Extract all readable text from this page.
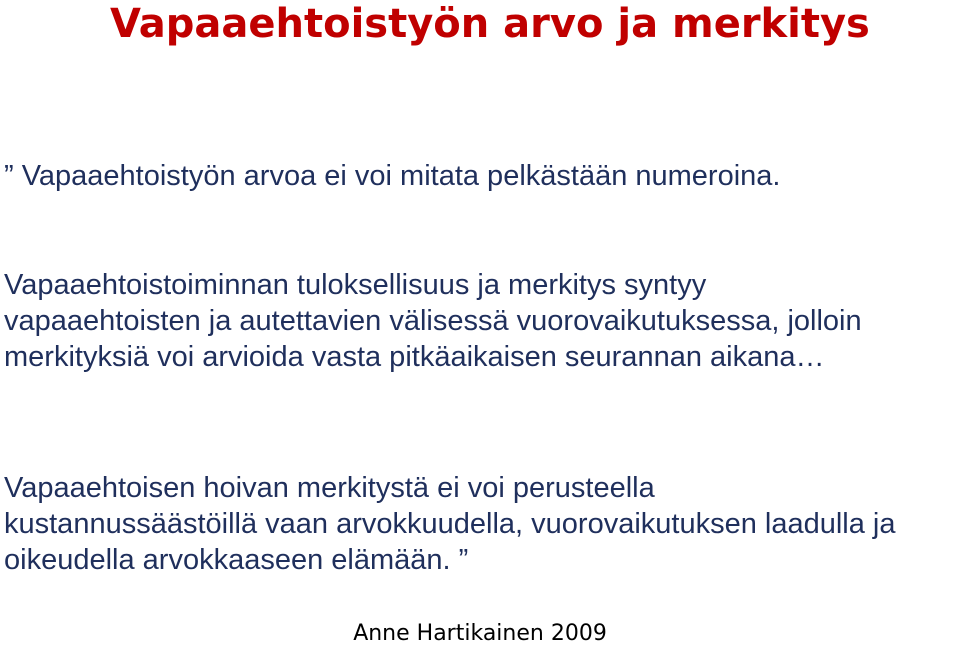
Vapaaehtoistyön arvo ja merkitys
” Vapaaehtoistyön arvoa ei voi mitata pelkästään numeroina.
Vapaaehtoistoiminnan tuloksellisuus ja merkitys syntyy
vapaaehtoisten ja autettavien välisessä vuorovaikutuksessa, jolloin
merkityksiä voi arvioida vasta pitkäaikaisen seurannan aikana…
Vapaaehtoisen hoivan merkitystä ei voi perusteella
kustannussäästöillä vaan arvokkuudella, vuorovaikutuksen laadulla ja
oikeudella arvokkaaseen elämään. ”
Anne Hartikainen 2009
